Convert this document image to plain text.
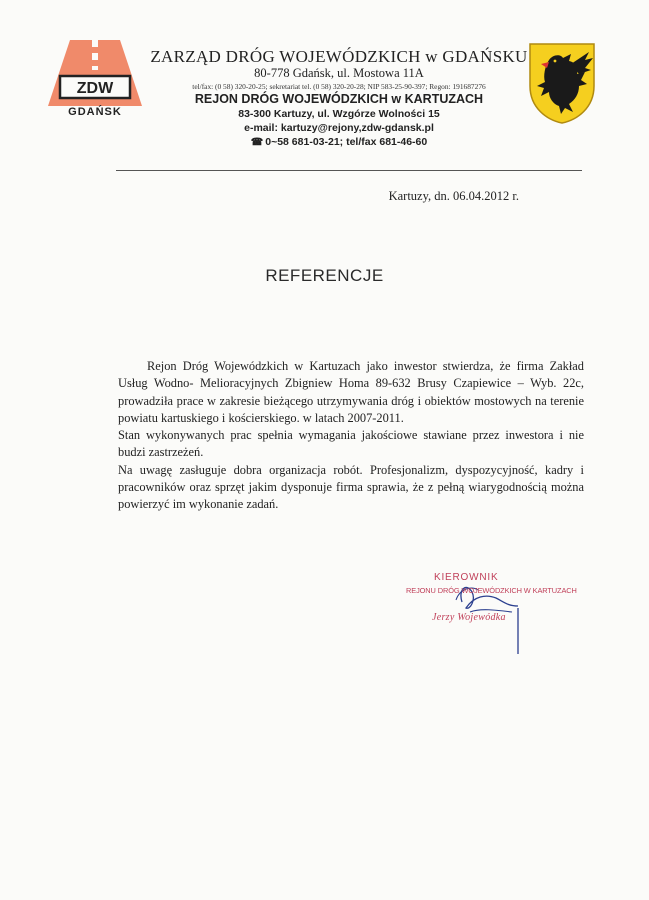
ZDW
GDAŃSK
ZARZĄD DRÓG WOJEWÓDZKICH w GDAŃSKU
80-778 Gdańsk, ul. Mostowa 11A
tel/fax: (0 58) 320-20-25; sekretariat tel. (0 58) 320-20-28; NIP 583-25-90-397; Regon: 191687276
REJON DRÓG WOJEWÓDZKICH w KARTUZACH
83-300 Kartuzy, ul. Wzgórze Wolności 15
e-mail: kartuzy@rejony,zdw-gdansk.pl
☎ 0~58 681-03-21; tel/fax 681-46-60
Kartuzy, dn. 06.04.2012 r.
REFERENCJE

Rejon Dróg Wojewódzkich w Kartuzach jako inwestor stwierdza, że firma Zakład Usług Wodno- Melioracyjnych Zbigniew Homa 89-632 Brusy Czapiewice – Wyb. 22c, prowadziła prace w zakresie bieżącego utrzymywania dróg i obiektów mostowych na terenie powiatu kartuskiego i kościerskiego. w latach 2007-2011.

Stan wykonywanych prac spełnia wymagania jakościowe stawiane przez inwestora i nie budzi zastrzeżeń.

Na uwagę zasługuje dobra organizacja robót. Profesjonalizm, dyspozycyjność, kadry i pracowników oraz sprzęt jakim dysponuje firma sprawia, że z pełną wiarygodnością można powierzyć im wykonanie zadań.

KIEROWNIK
REJONU DRÓG WOJEWÓDZKICH W KARTUZACH
Jerzy Wojewódka
